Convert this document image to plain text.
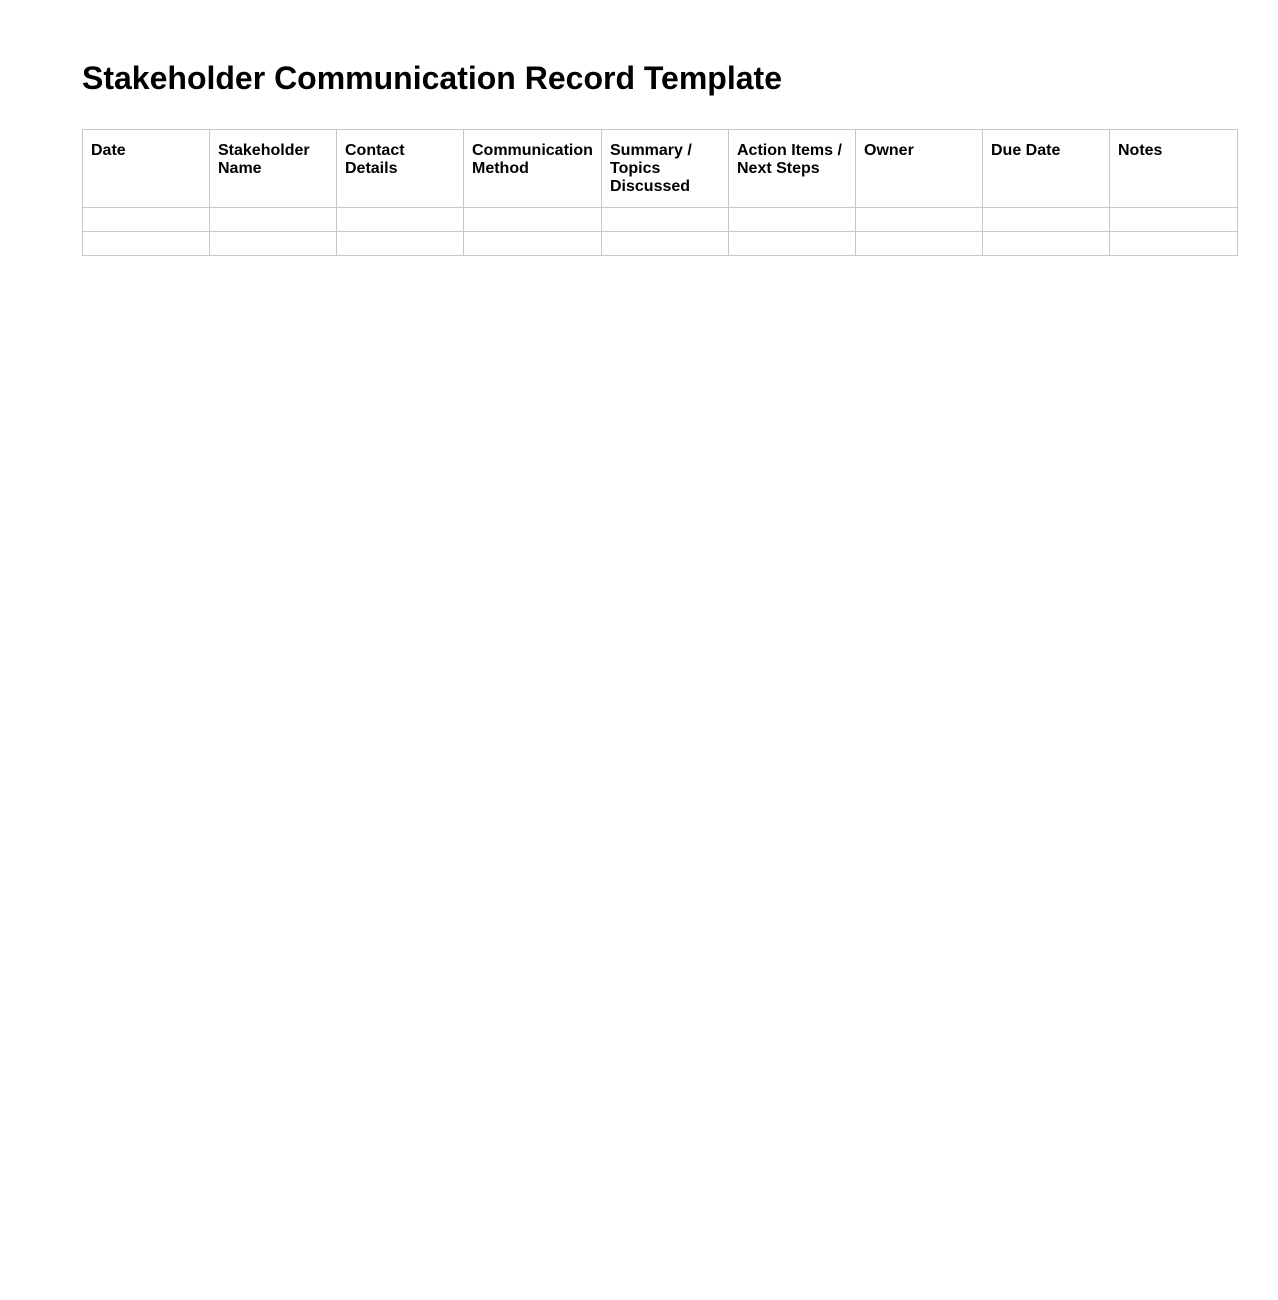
Stakeholder Communication Record Template
Date	Stakeholder Name	Contact Details	Communication Method	Summary / Topics Discussed	Action Items / Next Steps	Owner	Due Date	Notes
